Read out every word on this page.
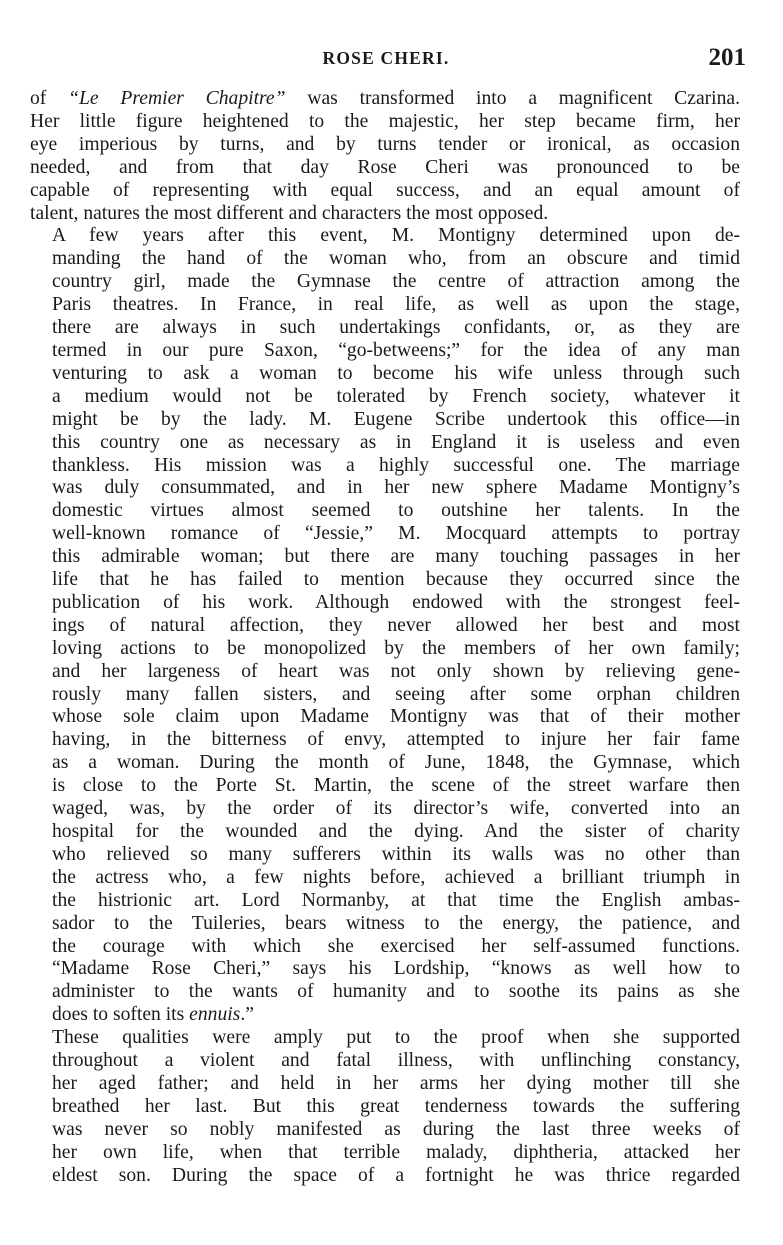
ROSE CHERI.	201

of “Le Premier Chapitre” was transformed into a magnificent Czarina.
Her little figure heightened to the majestic, her step became firm, her
eye imperious by turns, and by turns tender or ironical, as occasion
needed, and from that day Rose Cheri was pronounced to be
capable of representing with equal success, and an equal amount of
talent, natures the most different and characters the most opposed.

A few years after this event, M. Montigny determined upon de-
manding the hand of the woman who, from an obscure and timid
country girl, made the Gymnase the centre of attraction among the
Paris theatres. In France, in real life, as well as upon the stage,
there are always in such undertakings confidants, or, as they are
termed in our pure Saxon, “go-betweens;” for the idea of any man
venturing to ask a woman to become his wife unless through such
a medium would not be tolerated by French society, whatever it
might be by the lady. M. Eugene Scribe undertook this office—in
this country one as necessary as in England it is useless and even
thankless. His mission was a highly successful one. The marriage
was duly consummated, and in her new sphere Madame Montigny’s
domestic virtues almost seemed to outshine her talents. In the
well-known romance of “Jessie,” M. Mocquard attempts to portray
this admirable woman; but there are many touching passages in her
life that he has failed to mention because they occurred since the
publication of his work. Although endowed with the strongest feel-
ings of natural affection, they never allowed her best and most
loving actions to be monopolized by the members of her own family;
and her largeness of heart was not only shown by relieving gene-
rously many fallen sisters, and seeing after some orphan children
whose sole claim upon Madame Montigny was that of their mother
having, in the bitterness of envy, attempted to injure her fair fame
as a woman. During the month of June, 1848, the Gymnase, which
is close to the Porte St. Martin, the scene of the street warfare then
waged, was, by the order of its director’s wife, converted into an
hospital for the wounded and the dying. And the sister of charity
who relieved so many sufferers within its walls was no other than
the actress who, a few nights before, achieved a brilliant triumph in
the histrionic art. Lord Normanby, at that time the English ambas-
sador to the Tuileries, bears witness to the energy, the patience, and
the courage with which she exercised her self-assumed functions.
“Madame Rose Cheri,” says his Lordship, “knows as well how to
administer to the wants of humanity and to soothe its pains as she
does to soften its ennuis.”

These qualities were amply put to the proof when she supported
throughout a violent and fatal illness, with unflinching constancy,
her aged father; and held in her arms her dying mother till she
breathed her last. But this great tenderness towards the suffering
was never so nobly manifested as during the last three weeks of
her own life, when that terrible malady, diphtheria, attacked her
eldest son. During the space of a fortnight he was thrice regarded
